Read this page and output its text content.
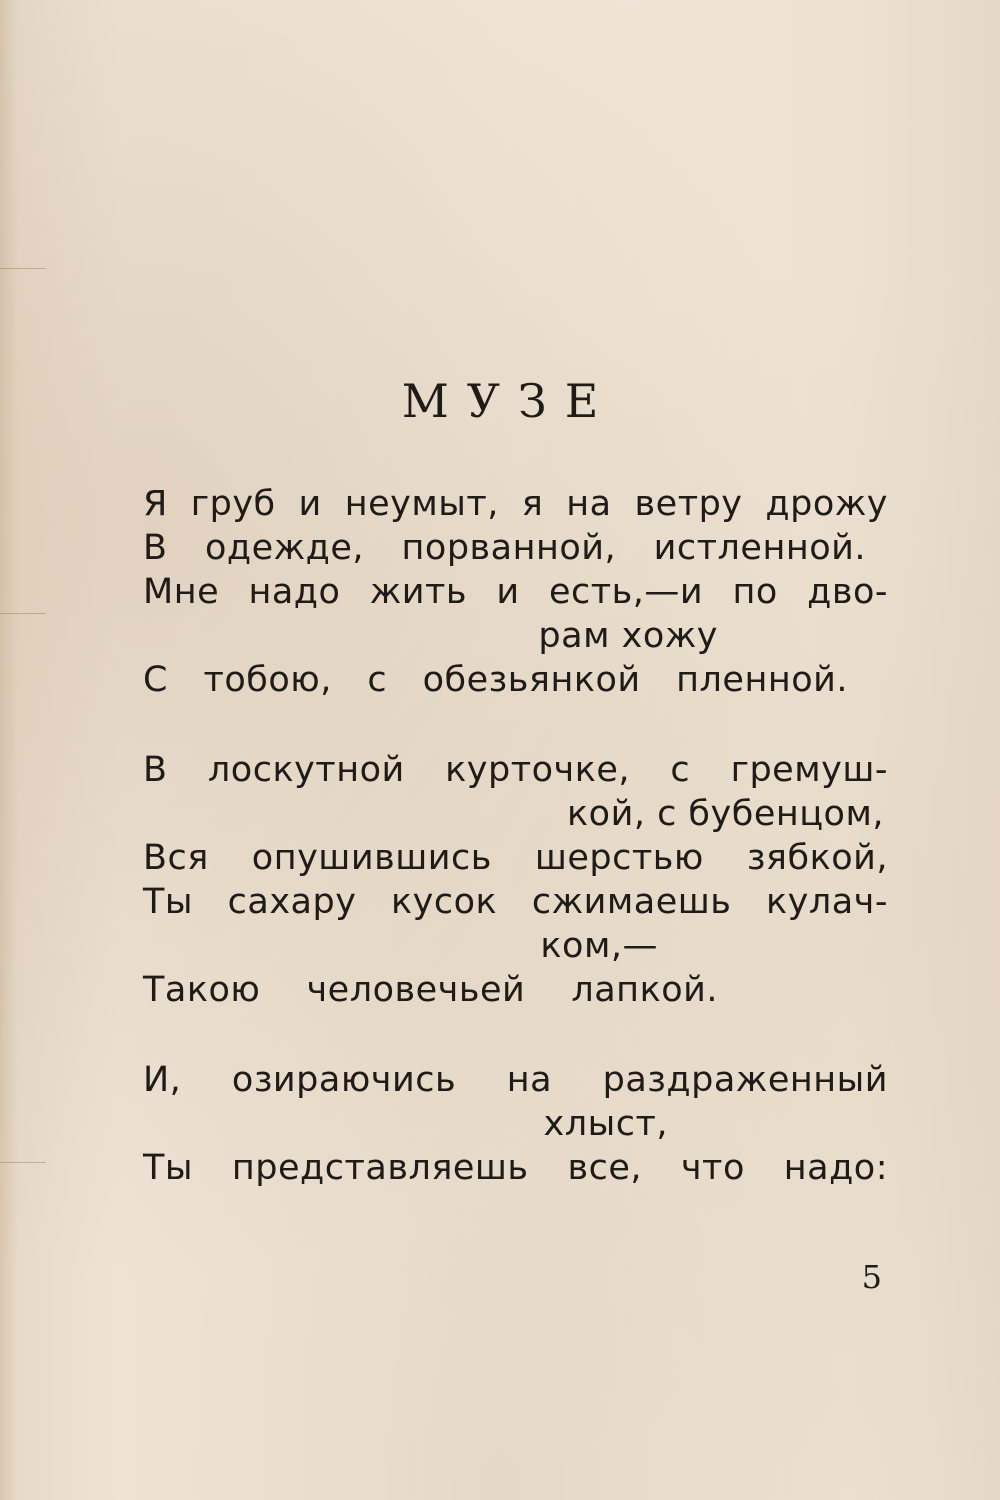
МУЗЕ
Я груб и неумыт, я на ветру дрожу
В одежде, порванной, истленной.
Мне надо жить и есть,—и по дво-
рам хожу
С тобою, с обезьянкой пленной.
В лоскутной курточке, с гремуш-
кой, с бубенцом,
Вся опушившись шерстью зябкой,
Ты сахару кусок сжимаешь кулач-
ком,—
Такою человечьей лапкой.
И, озираючись на раздраженный
хлыст,
Ты представляешь все, что надо:
5
